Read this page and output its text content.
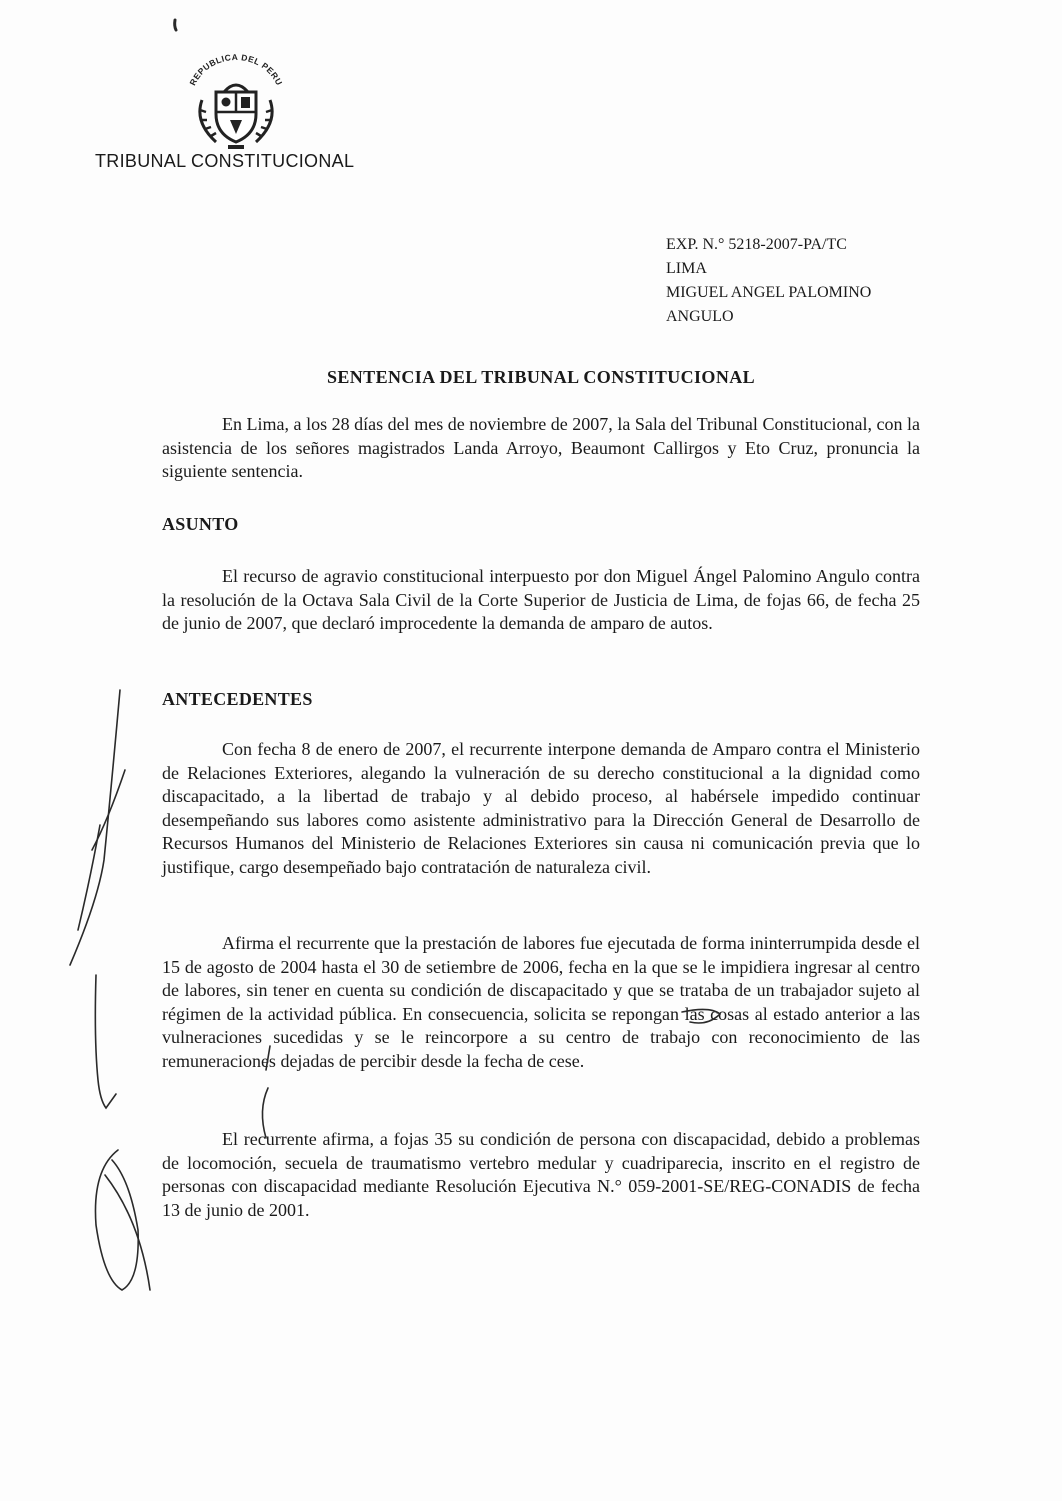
REPUBLICA DEL PERU
TRIBUNAL CONSTITUCIONAL
EXP. N.° 5218-2007-PA/TC
LIMA
MIGUEL ANGEL PALOMINO
ANGULO
SENTENCIA DEL TRIBUNAL CONSTITUCIONAL
En Lima, a los 28 días del mes de noviembre de 2007, la Sala del Tribunal Constitucional, con la asistencia de los señores magistrados Landa Arroyo, Beaumont Callirgos y Eto Cruz, pronuncia la siguiente sentencia.
ASUNTO
El recurso de agravio constitucional interpuesto por don Miguel Ángel Palomino Angulo contra la resolución de la Octava Sala Civil de la Corte Superior de Justicia de Lima, de fojas 66, de fecha 25 de junio de 2007, que declaró improcedente la demanda de amparo de autos.
ANTECEDENTES
Con fecha 8 de enero de 2007, el recurrente interpone demanda de Amparo contra el Ministerio de Relaciones Exteriores, alegando la vulneración de su derecho constitucional a la dignidad como discapacitado, a la libertad de trabajo y al debido proceso, al habérsele impedido continuar desempeñando sus labores como asistente administrativo para la Dirección General de Desarrollo de Recursos Humanos del Ministerio de Relaciones Exteriores sin causa ni comunicación previa que lo justifique, cargo desempeñado bajo contratación de naturaleza civil.
Afirma el recurrente que la prestación de labores fue ejecutada de forma ininterrumpida desde el 15 de agosto de 2004 hasta el 30 de setiembre de 2006, fecha en la que se le impidiera ingresar al centro de labores, sin tener en cuenta su condición de discapacitado y que se trataba de un trabajador sujeto al régimen de la actividad pública. En consecuencia, solicita se repongan las cosas al estado anterior a las vulneraciones sucedidas y se le reincorpore a su centro de trabajo con reconocimiento de las remuneraciones dejadas de percibir desde la fecha de cese.
El recurrente afirma, a fojas 35 su condición de persona con discapacidad, debido a problemas de locomoción, secuela de traumatismo vertebro medular y cuadriparecia, inscrito en el registro de personas con discapacidad mediante Resolución Ejecutiva N.° 059-2001-SE/REG-CONADIS de fecha 13 de junio de 2001.
